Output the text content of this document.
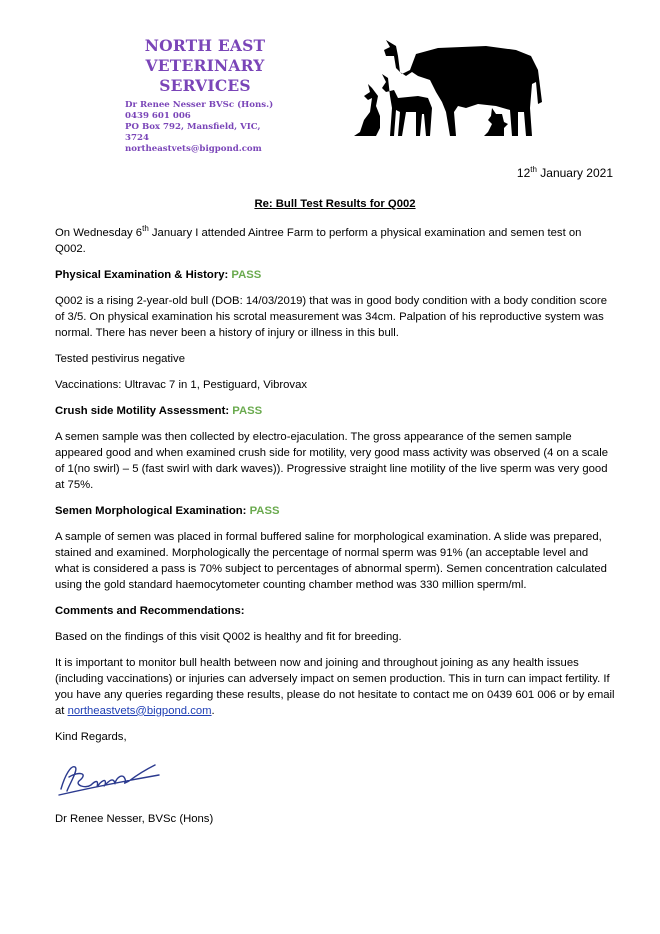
NORTH EAST
VETERINARY
SERVICES
Dr Renee Nesser BVSc (Hons.)
0439 601 006
PO Box 792, Mansfield, VIC, 3724
northeastvets@bigpond.com
12th January 2021
Re: Bull Test Results for Q002

On Wednesday 6th January I attended Aintree Farm to perform a physical examination and semen test on Q002.

Physical Examination & History: PASS

Q002 is a rising 2-year-old bull (DOB: 14/03/2019) that was in good body condition with a body condition score of 3/5. On physical examination his scrotal measurement was 34cm. Palpation of his reproductive system was normal. There has never been a history of injury or illness in this bull.

Tested pestivirus negative

Vaccinations: Ultravac 7 in 1, Pestiguard, Vibrovax

Crush side Motility Assessment: PASS

A semen sample was then collected by electro-ejaculation. The gross appearance of the semen sample appeared good and when examined crush side for motility, very good mass activity was observed (4 on a scale of 1(no swirl) – 5 (fast swirl with dark waves)). Progressive straight line motility of the live sperm was very good at 75%.

Semen Morphological Examination: PASS

A sample of semen was placed in formal buffered saline for morphological examination. A slide was prepared, stained and examined. Morphologically the percentage of normal sperm was 91% (an acceptable level and what is considered a pass is 70% subject to percentages of abnormal sperm). Semen concentration calculated using the gold standard haemocytometer counting chamber method was 330 million sperm/ml.

Comments and Recommendations:

Based on the findings of this visit Q002 is healthy and fit for breeding.

It is important to monitor bull health between now and joining and throughout joining as any health issues (including vaccinations) or injuries can adversely impact on semen production. This in turn can impact fertility. If you have any queries regarding these results, please do not hesitate to contact me on 0439 601 006 or by email at northeastvets@bigpond.com.

Kind Regards,

Dr Renee Nesser, BVSc (Hons)
